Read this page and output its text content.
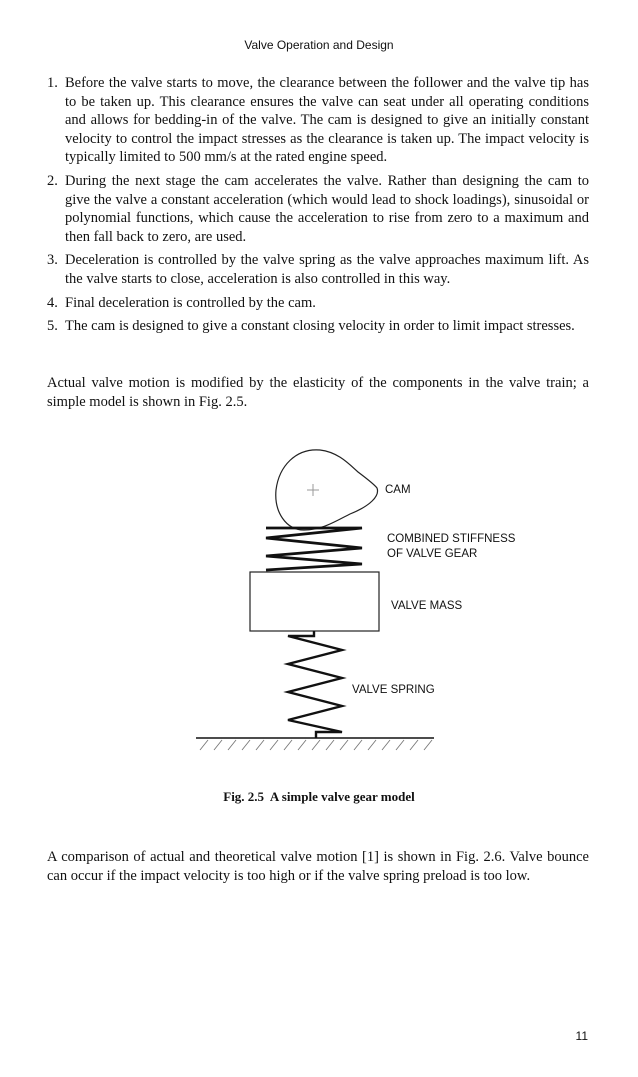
Valve Operation and Design
1. Before the valve starts to move, the clearance between the follower and the valve tip has to be taken up. This clearance ensures the valve can seat under all operating conditions and allows for bedding-in of the valve. The cam is designed to give an initially constant velocity to control the impact stresses as the clearance is taken up. The impact velocity is typically limited to 500 mm/s at the rated engine speed.
2. During the next stage the cam accelerates the valve. Rather than designing the cam to give the valve a constant acceleration (which would lead to shock loadings), sinusoidal or polynomial functions, which cause the acceleration to rise from zero to a maximum and then fall back to zero, are used.
3. Deceleration is controlled by the valve spring as the valve approaches maximum lift. As the valve starts to close, acceleration is also controlled in this way.
4. Final deceleration is controlled by the cam.
5. The cam is designed to give a constant closing velocity in order to limit impact stresses.

Actual valve motion is modified by the elasticity of the components in the valve train; a simple model is shown in Fig. 2.5.

CAM
COMBINED STIFFNESS
OF VALVE GEAR
VALVE MASS
VALVE SPRING
Fig. 2.5  A simple valve gear model

A comparison of actual and theoretical valve motion [1] is shown in Fig. 2.6. Valve bounce can occur if the impact velocity is too high or if the valve spring preload is too low.

11
